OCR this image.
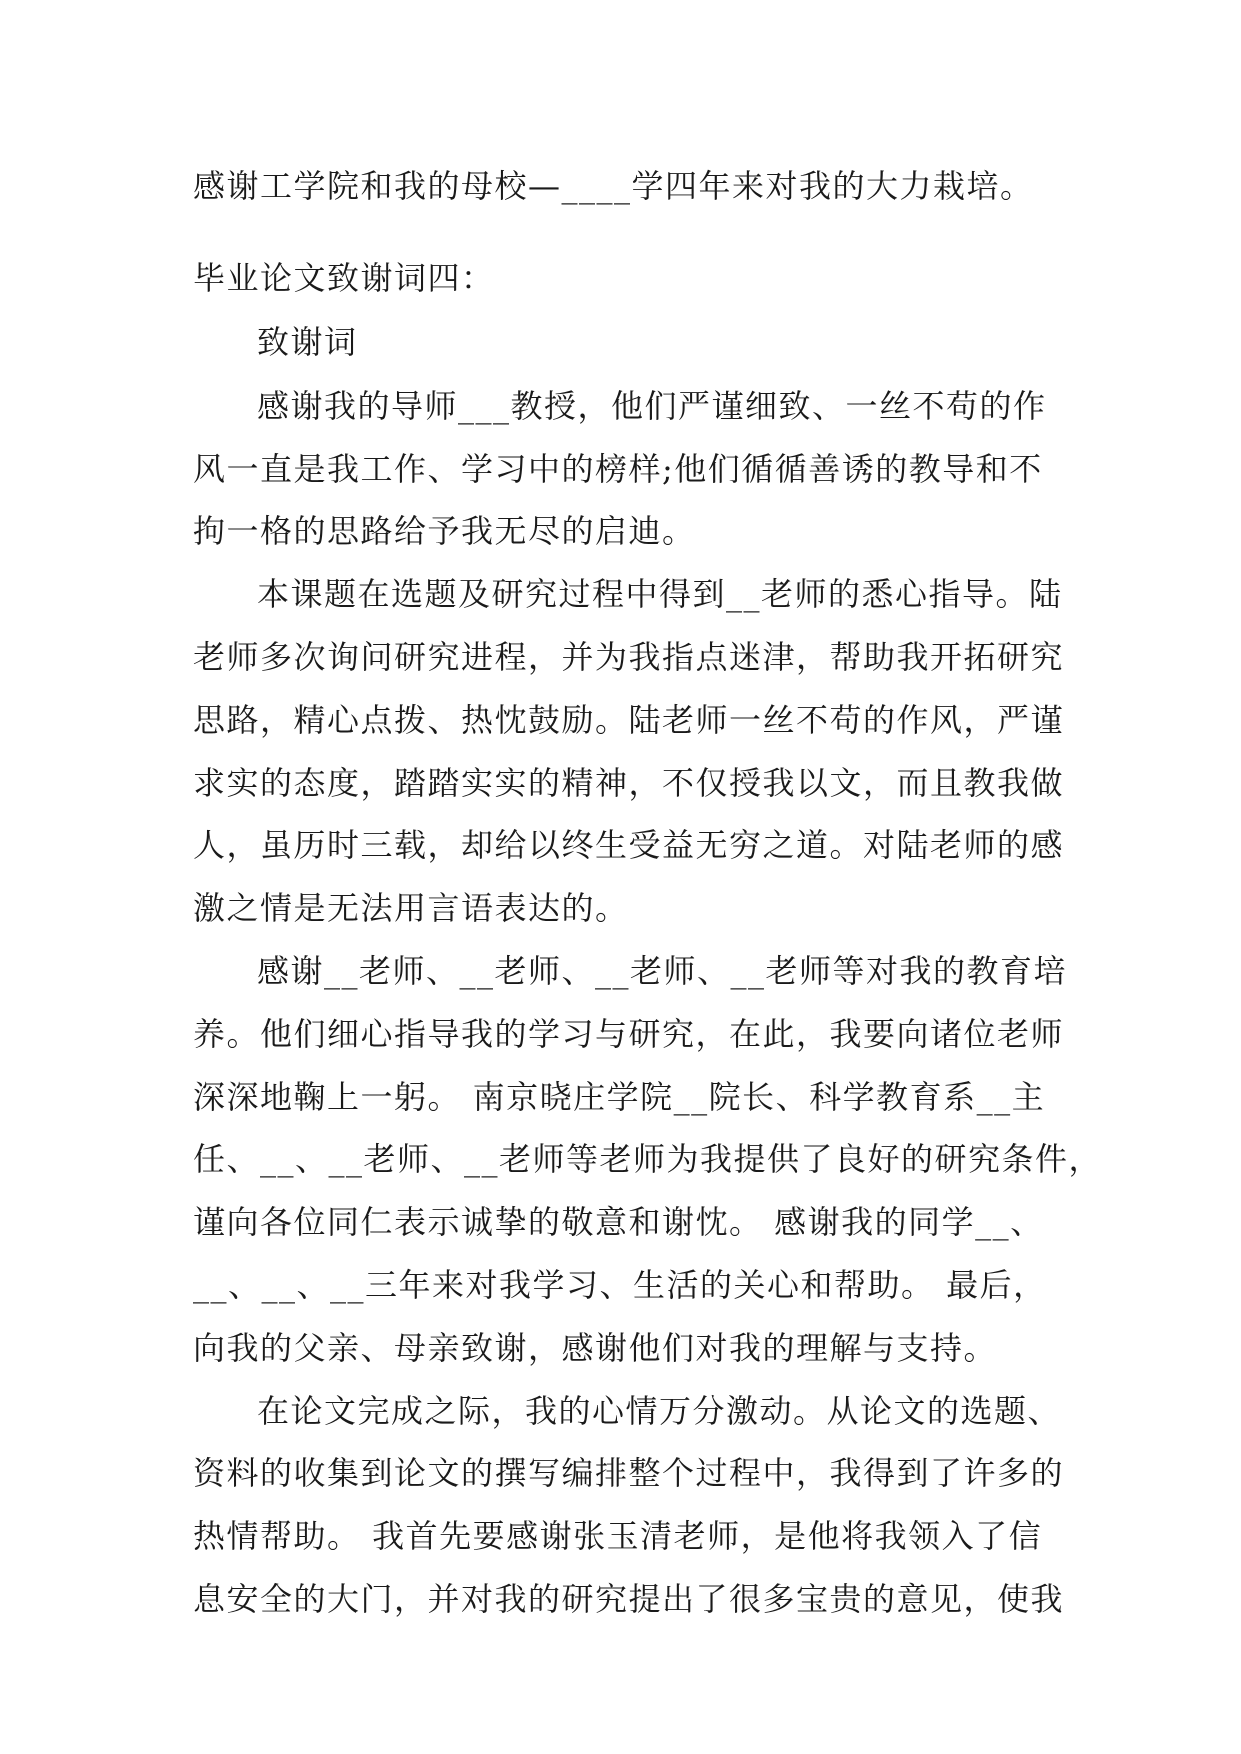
感谢工学院和我的母校—____学四年来对我的大力栽培。

毕业论文致谢词四：

致谢词

感谢我的导师___教授，他们严谨细致、一丝不苟的作

风一直是我工作、学习中的榜样;他们循循善诱的教导和不

拘一格的思路给予我无尽的启迪。

本课题在选题及研究过程中得到__老师的悉心指导。陆

老师多次询问研究进程，并为我指点迷津，帮助我开拓研究

思路，精心点拨、热忱鼓励。陆老师一丝不苟的作风，严谨

求实的态度，踏踏实实的精神，不仅授我以文，而且教我做

人，虽历时三载，却给以终生受益无穷之道。对陆老师的感

激之情是无法用言语表达的。

感谢__老师、__老师、__老师、__老师等对我的教育培

养。他们细心指导我的学习与研究，在此，我要向诸位老师

深深地鞠上一躬。 南京晓庄学院__院长、科学教育系__主

任、__、__老师、__老师等老师为我提供了良好的研究条件，

谨向各位同仁表示诚挚的敬意和谢忱。 感谢我的同学__、

__、__、__三年来对我学习、生活的关心和帮助。 最后，

向我的父亲、母亲致谢，感谢他们对我的理解与支持。

在论文完成之际，我的心情万分激动。从论文的选题、

资料的收集到论文的撰写编排整个过程中，我得到了许多的

热情帮助。 我首先要感谢张玉清老师，是他将我领入了信

息安全的大门，并对我的研究提出了很多宝贵的意见，使我
